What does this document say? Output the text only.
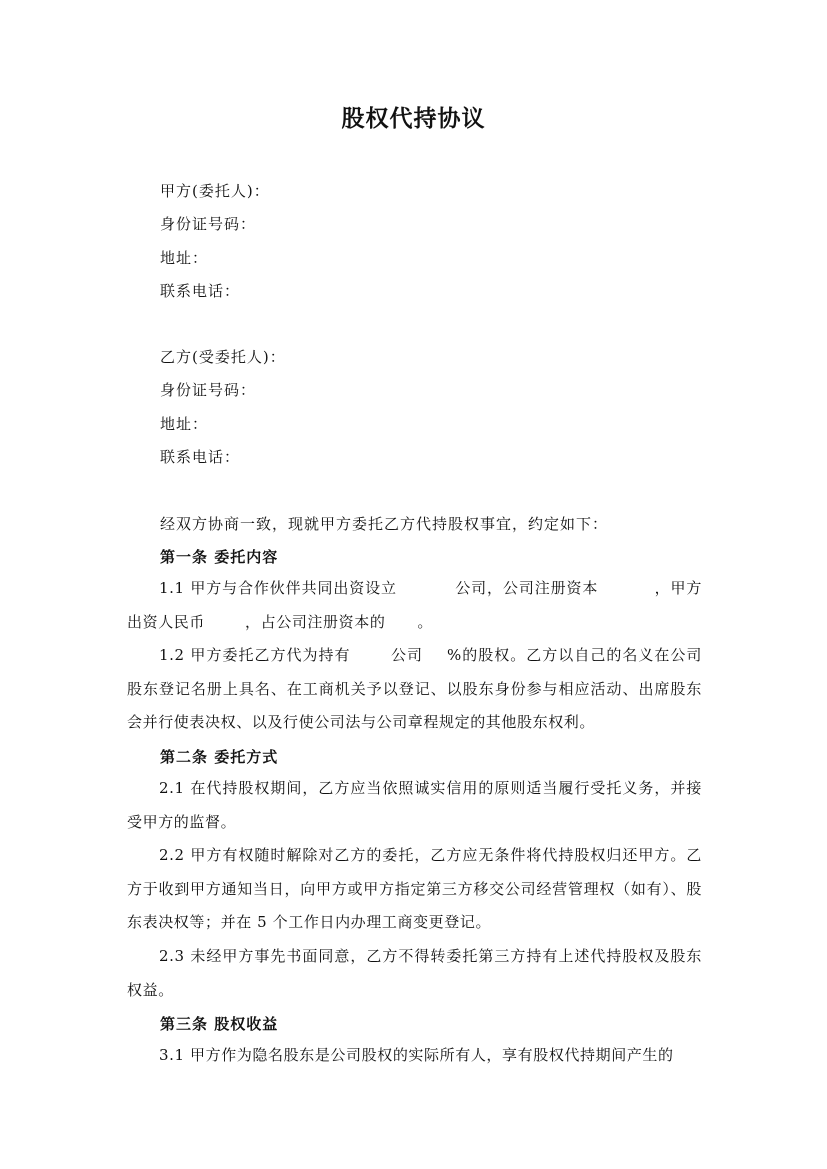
股权代持协议
甲方(委托人)：
身份证号码：
地址：
联系电话：
乙方(受委托人)：
身份证号码：
地址：
联系电话：
经双方协商一致，现就甲方委托乙方代持股权事宜，约定如下：
第一条 委托内容
1.1 甲方与合作伙伴共同出资设立	公司，公司注册资本	，甲方出资人民币	，占公司注册资本的 。
1.2 甲方委托乙方代为持有	公司 %的股权。乙方以自己的名义在公司股东登记名册上具名、在工商机关予以登记、以股东身份参与相应活动、出席股东会并行使表决权、以及行使公司法与公司章程规定的其他股东权利。
第二条 委托方式
2.1 在代持股权期间，乙方应当依照诚实信用的原则适当履行受托义务，并接受甲方的监督。
2.2 甲方有权随时解除对乙方的委托，乙方应无条件将代持股权归还甲方。乙方于收到甲方通知当日，向甲方或甲方指定第三方移交公司经营管理权（如有）、股东表决权等；并在 5 个工作日内办理工商变更登记。
2.3 未经甲方事先书面同意，乙方不得转委托第三方持有上述代持股权及股东权益。
第三条 股权收益
3.1 甲方作为隐名股东是公司股权的实际所有人，享有股权代持期间产生的
